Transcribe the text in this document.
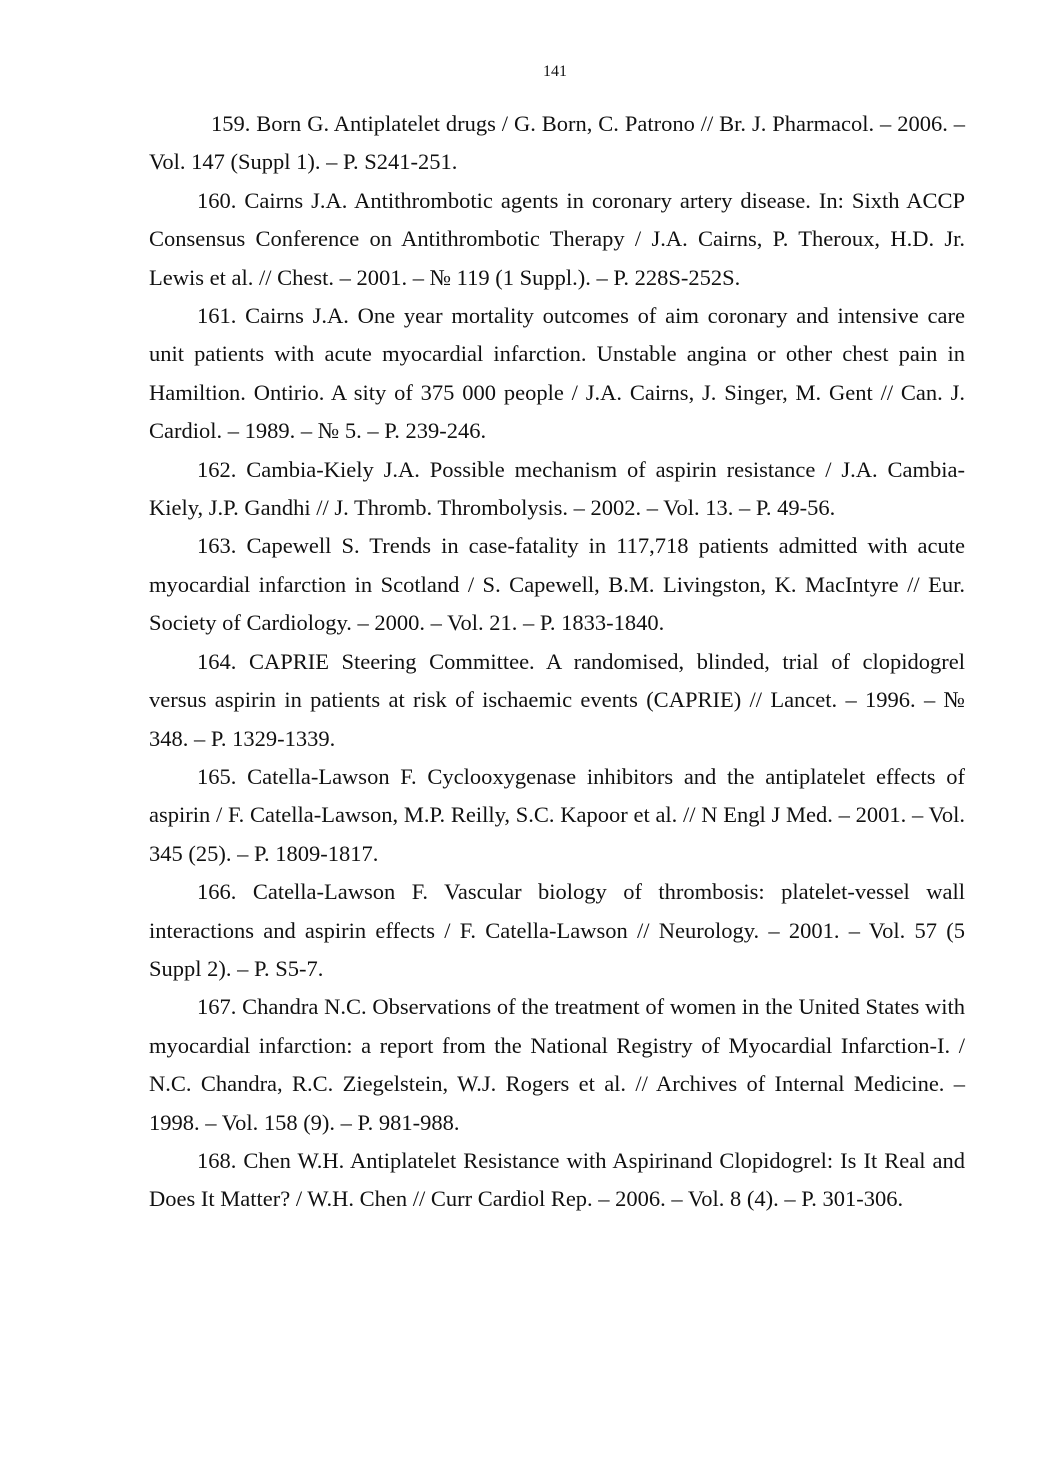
141

159. Born G. Antiplatelet drugs / G. Born, C. Patrono // Br. J. Pharmacol. – 2006. – Vol. 147 (Suppl 1). – P. S241-251.

160. Cairns J.A. Antithrombotic agents in coronary artery disease. In: Sixth ACCP Consensus Conference on Antithrombotic Therapy / J.A. Cairns, P. Theroux, H.D. Jr. Lewis et al. // Chest. – 2001. – № 119 (1 Suppl.). – P. 228S-252S.

161. Cairns J.A. One year mortality outcomes of aim coronary and intensive care unit patients with acute myocardial infarction. Unstable angina or other chest pain in Hamiltion. Ontirio. A sity of 375 000 people / J.A. Cairns, J. Singer, M. Gent // Can. J. Cardiol. – 1989. – № 5. – P. 239-246.

162. Cambia-Kiely J.A. Possible mechanism of aspirin resistance / J.A. Cambia-Kiely, J.P. Gandhi // J. Thromb. Thrombolysis. – 2002. – Vol. 13. – P. 49-56.

163. Capewell S. Trends in case-fatality in 117,718 patients admitted with acute myocardial infarction in Scotland / S. Capewell, B.M. Livingston, K. MacIntyre // Eur. Society of Cardiology. – 2000. – Vol. 21. – P. 1833-1840.

164. CAPRIE Steering Committee. A randomised, blinded, trial of clopidogrel versus aspirin in patients at risk of ischaemic events (CAPRIE) // Lancet. – 1996. – № 348. – P. 1329-1339.

165. Catella-Lawson F. Cyclooxygenase inhibitors and the antiplatelet effects of aspirin / F. Catella-Lawson, M.P. Reilly, S.C. Kapoor et al. // N Engl J Med. – 2001. – Vol. 345 (25). – P. 1809-1817.

166. Catella-Lawson F. Vascular biology of thrombosis: platelet-vessel wall interactions and aspirin effects / F. Catella-Lawson // Neurology. – 2001. – Vol. 57 (5 Suppl 2). – P. S5-7.

167. Chandra N.C. Observations of the treatment of women in the United States with myocardial infarction: a report from the National Registry of Myocardial Infarction-I. / N.C. Chandra, R.C. Ziegelstein, W.J. Rogers et al. // Archives of Internal Medicine. – 1998. – Vol. 158 (9). – P. 981-988.

168. Chen W.H. Antiplatelet Resistance with Aspirinand Clopidogrel: Is It Real and Does It Matter? / W.H. Chen // Curr Cardiol Rep. – 2006. – Vol. 8 (4). – P. 301-306.
